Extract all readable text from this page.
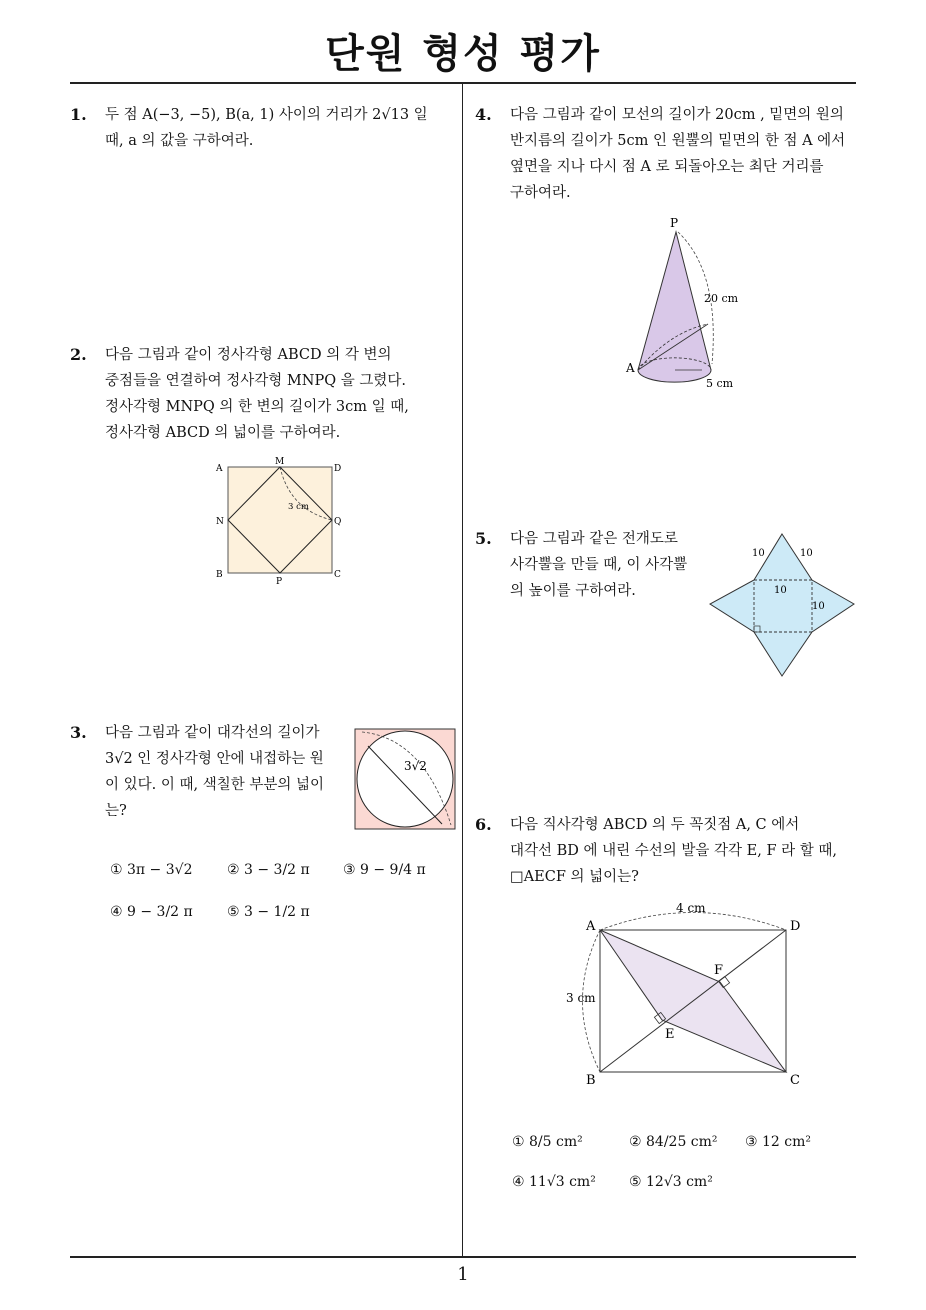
단원 형성 평가
1
1. 두 점 A(−3, −5), B(a, 1) 사이의 거리가 2√13 일
때, a 의 값을 구하여라.
2. 다음 그림과 같이 정사각형 ABCD 의 각 변의
중점들을 연결하여 정사각형 MNPQ 을 그렸다.
정사각형 MNPQ 의 한 변의 길이가 3cm 일 때,
정사각형 ABCD 의 넓이를 구하여라.
A
M
D
N	Q
B
P
C
3 cm
3. 다음 그림과 같이 대각선의 길이가
3√2 인 정사각형 안에 내접하는 원
이 있다. 이 때, 색칠한 부분의 넓이
는?
3√2
① 3π − 3√2 ② 3 − 3/2 π ③ 9 − 9/4 π
④ 9 − 3/2 π ⑤ 3 − 1/2 π
4. 다음 그림과 같이 모선의 길이가 20cm , 밑면의 원의
반지름의 길이가 5cm 인 원뿔의 밑면의 한 점 A 에서
옆면을 지나 다시 점 A 로 되돌아오는 최단 거리를
구하여라.
P
A
20 cm
5 cm
5. 다음 그림과 같은 전개도로
사각뿔을 만들 때, 이 사각뿔
의 높이를 구하여라.
10	10
10
10
6. 다음 직사각형 ABCD 의 두 꼭짓점 A, C 에서
대각선 BD 에 내린 수선의 발을 각각 E, F 라 할 때,
□AECF 의 넓이는?
A	D
B	C
E
F
4 cm
3 cm
① 8/5 cm²	② 84/25 cm² ③ 12 cm²
④ 11√3 cm² ⑤ 12√3 cm²
